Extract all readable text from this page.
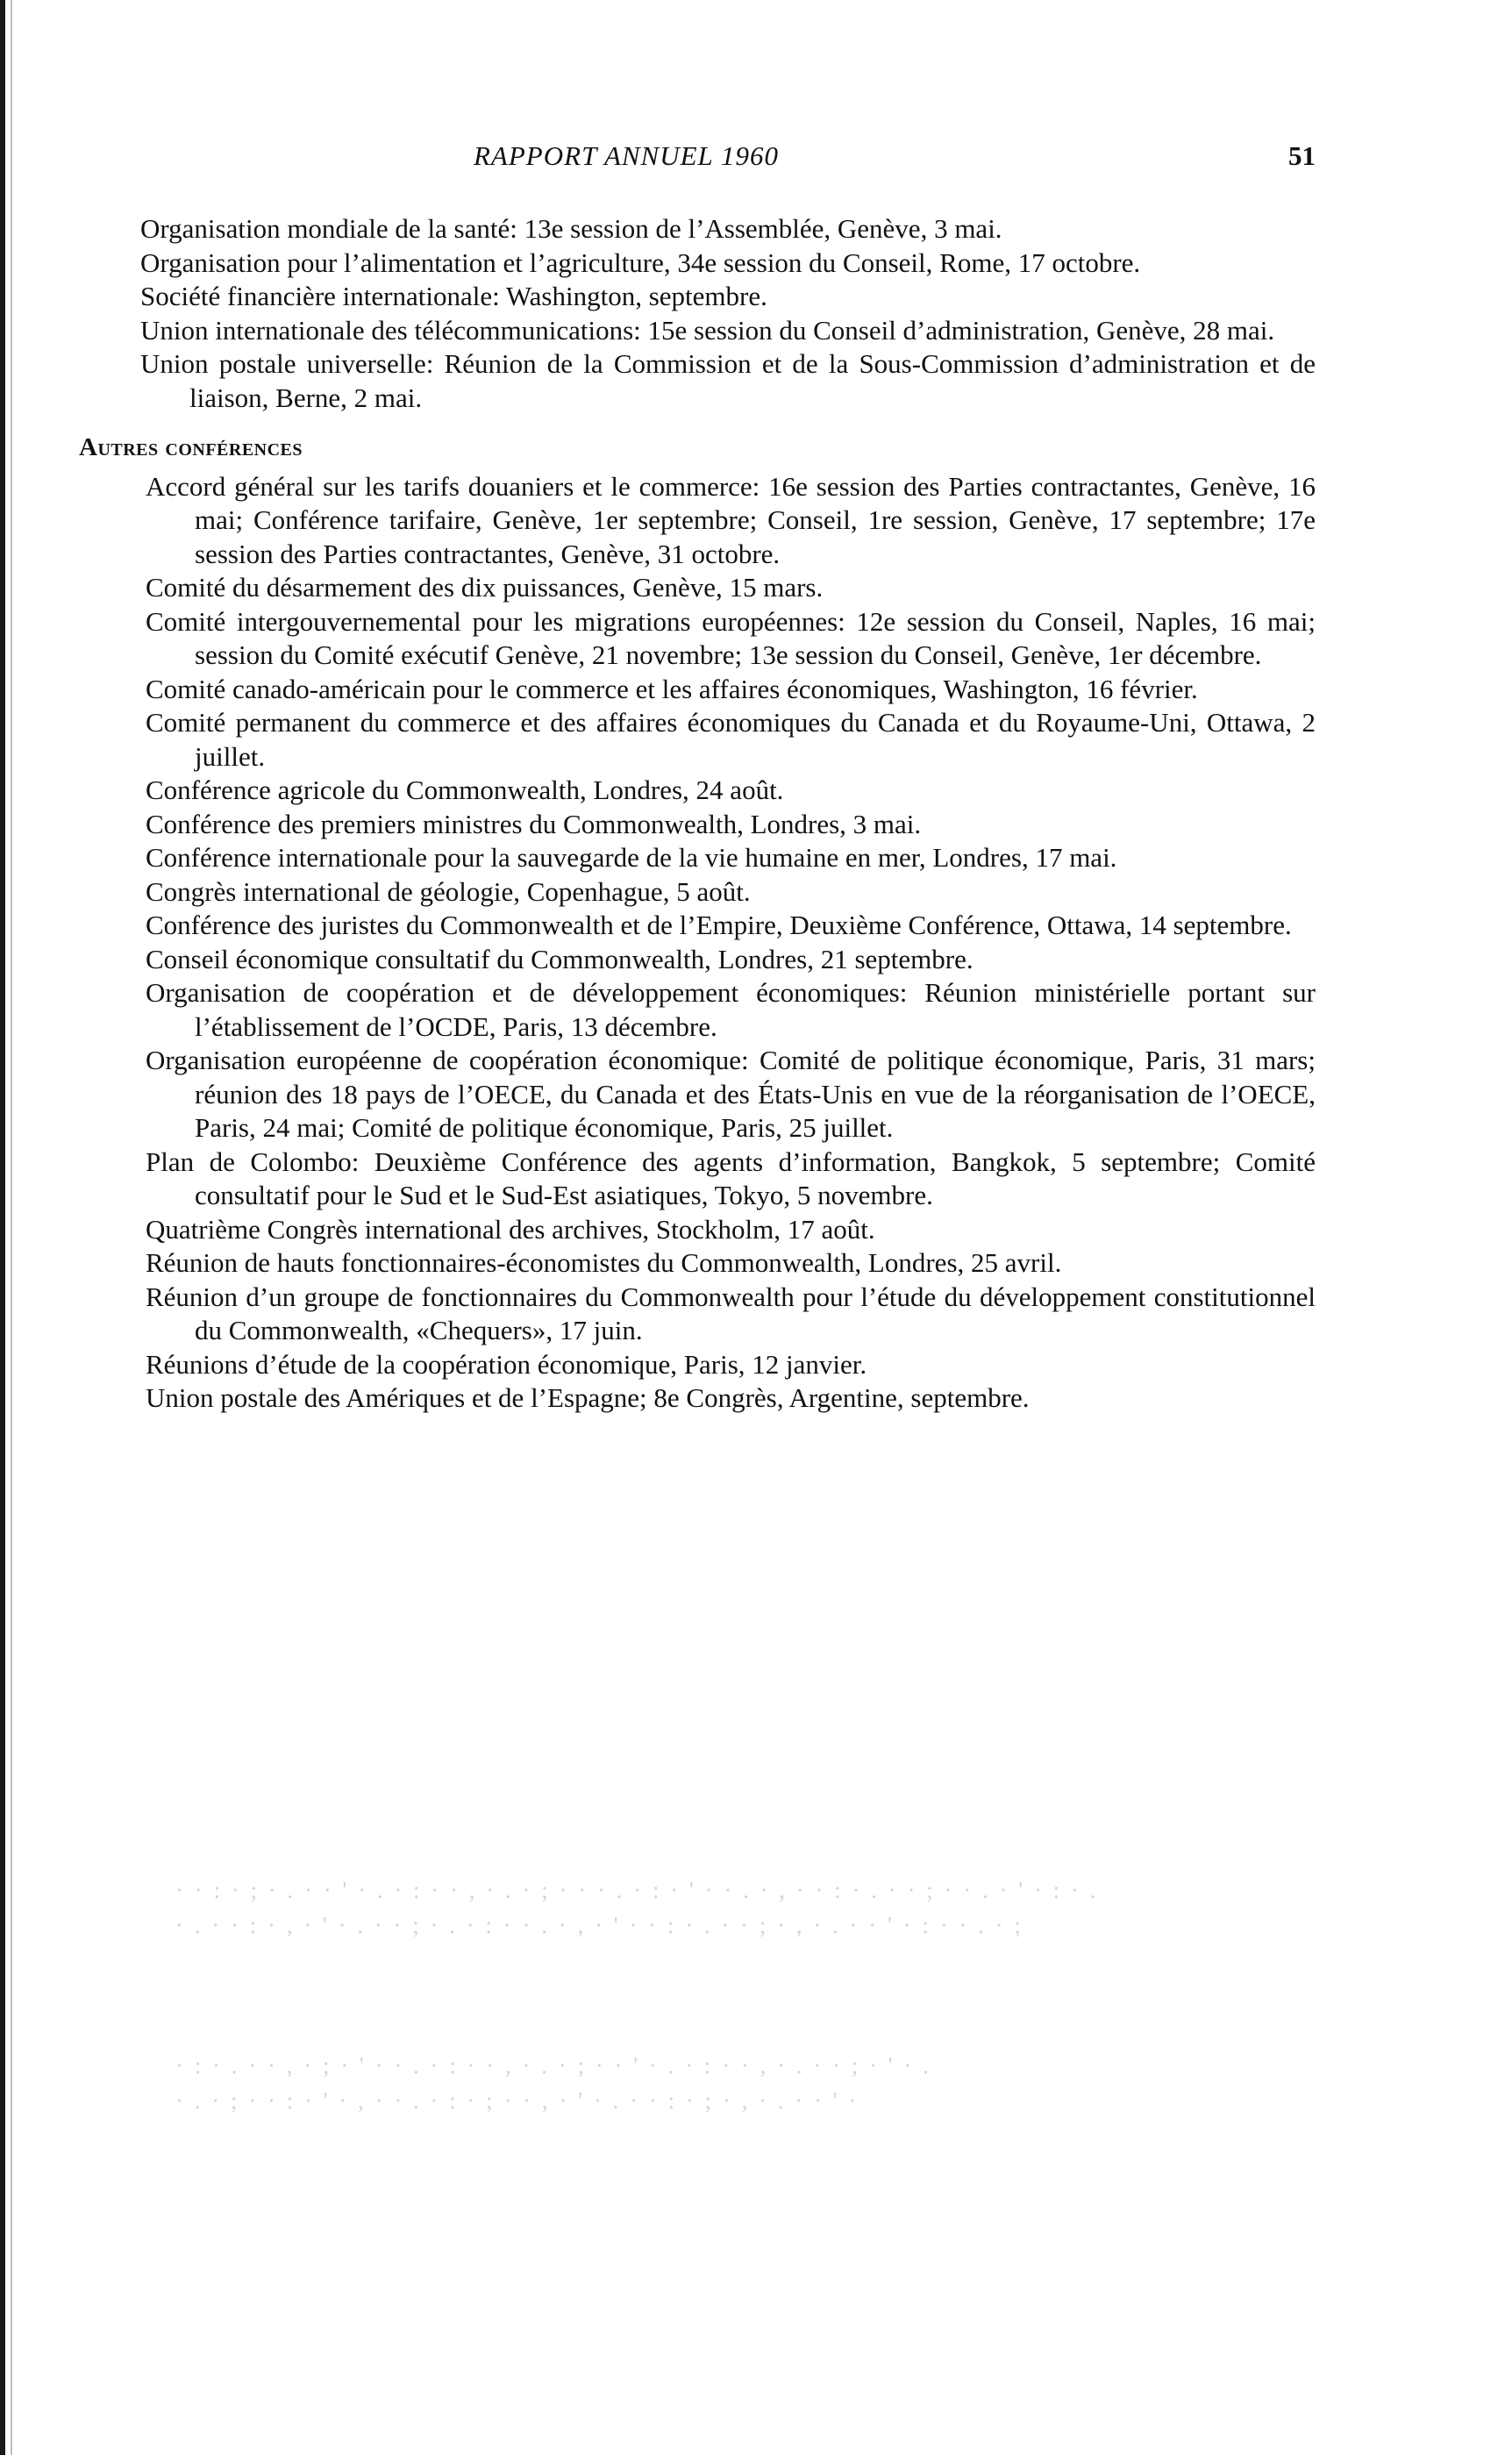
RAPPORT ANNUEL 1960	51

Organisation mondiale de la santé: 13e session de l’Assemblée, Genève, 3 mai.

Organisation pour l’alimentation et l’agriculture, 34e session du Conseil, Rome, 17 octobre.

Société financière internationale: Washington, septembre.

Union internationale des télécommunications: 15e session du Conseil d’administration, Genève, 28 mai.

Union postale universelle: Réunion de la Commission et de la Sous-Commission d’administration et de liaison, Berne, 2 mai.

Autres conférences

Accord général sur les tarifs douaniers et le commerce: 16e session des Parties contractantes, Genève, 16 mai; Conférence tarifaire, Genève, 1er septembre; Conseil, 1re session, Genève, 17 septembre; 17e session des Parties contractantes, Genève, 31 octobre.

Comité du désarmement des dix puissances, Genève, 15 mars.

Comité intergouvernemental pour les migrations européennes: 12e session du Conseil, Naples, 16 mai; session du Comité exécutif Genève, 21 novembre; 13e session du Conseil, Genève, 1er décembre.

Comité canado-américain pour le commerce et les affaires économiques, Washington, 16 février.

Comité permanent du commerce et des affaires économiques du Canada et du Royaume-Uni, Ottawa, 2 juillet.

Conférence agricole du Commonwealth, Londres, 24 août.

Conférence des premiers ministres du Commonwealth, Londres, 3 mai.

Conférence internationale pour la sauvegarde de la vie humaine en mer, Londres, 17 mai.

Congrès international de géologie, Copenhague, 5 août.

Conférence des juristes du Commonwealth et de l’Empire, Deuxième Conférence, Ottawa, 14 septembre.

Conseil économique consultatif du Commonwealth, Londres, 21 septembre.

Organisation de coopération et de développement économiques: Réunion ministérielle portant sur l’établissement de l’OCDE, Paris, 13 décembre.

Organisation européenne de coopération économique: Comité de politique économique, Paris, 31 mars; réunion des 18 pays de l’OECE, du Canada et des États-Unis en vue de la réorganisation de l’OECE, Paris, 24 mai; Comité de politique économique, Paris, 25 juillet.

Plan de Colombo: Deuxième Conférence des agents d’information, Bangkok, 5 septembre; Comité consultatif pour le Sud et le Sud-Est asiatiques, Tokyo, 5 novembre.

Quatrième Congrès international des archives, Stockholm, 17 août.

Réunion de hauts fonctionnaires-économistes du Commonwealth, Londres, 25 avril.

Réunion d’un groupe de fonctionnaires du Commonwealth pour l’étude du développement constitutionnel du Commonwealth, «Chequers», 17 juin.

Réunions d’étude de la coopération économique, Paris, 12 janvier.

Union postale des Amériques et de l’Espagne; 8e Congrès, Argentine, septembre.

· · : · ; · . · · ' · . · : · · , · . · ; · · · . · : · ' · · . · , · · : · . · · ; · · . · ' · : · .
· . · · : · , · ' · . · · ; · . · : · · . · , · ' · · : · . · · ; · , · . · · ' · : · · . · ;
· : · . · · , · ; · ' · · . · : · · , · . · ; · · ' · . · : · · , · . · · ; · ' · .
· . · ; · · : · ' · , · · . · : · ; · · , · ' · . · · : · ; · , · . · · ' ·
